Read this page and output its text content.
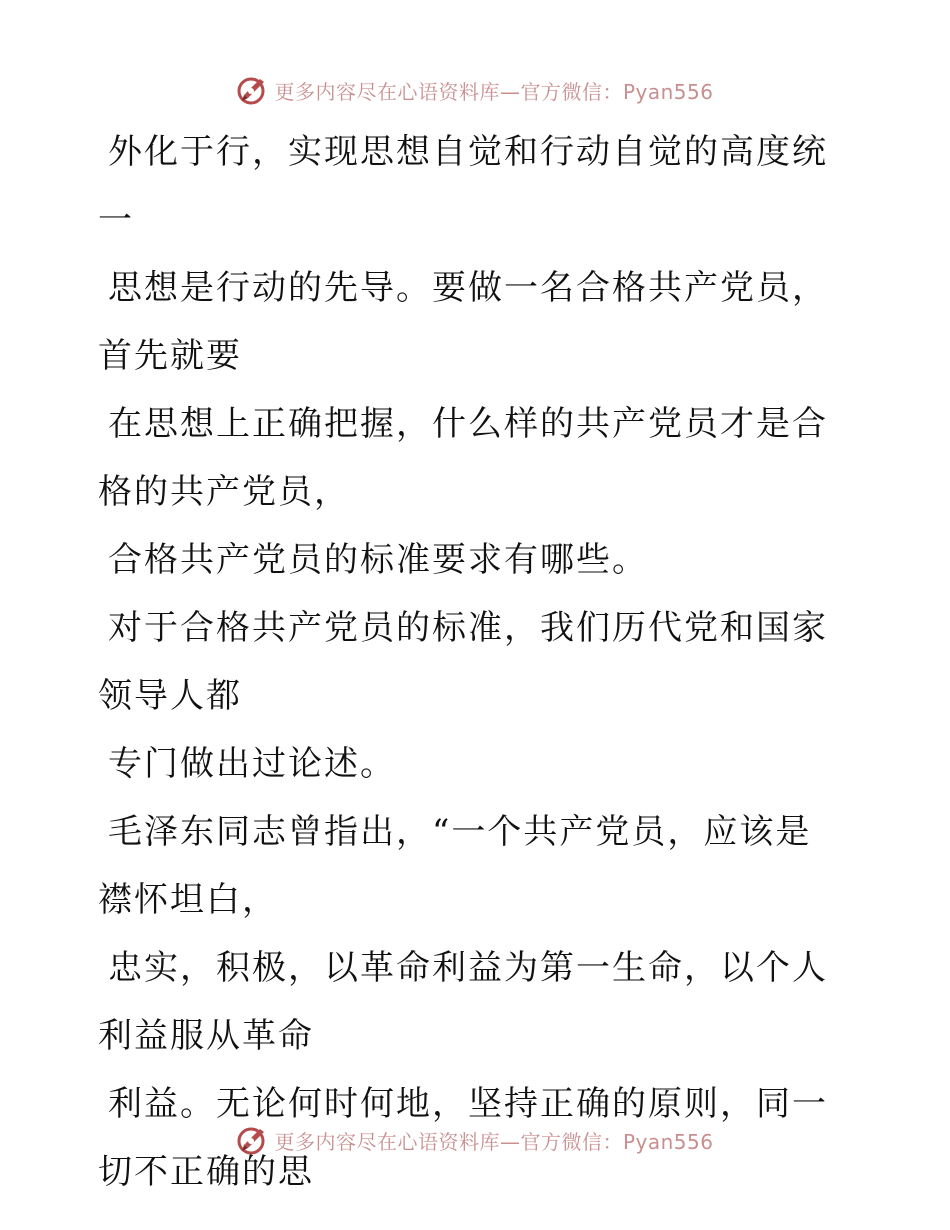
更多内容尽在心语资料库—官方微信：Pyan556

外化于行，实现思想自觉和行动自觉的高度统一

思想是行动的先导。要做一名合格共产党员，首先就要

在思想上正确把握，什么样的共产党员才是合格的共产党员，

合格共产党员的标准要求有哪些。

对于合格共产党员的标准，我们历代党和国家领导人都

专门做出过论述。

毛泽东同志曾指出，“一个共产党员，应该是襟怀坦白，

忠实，积极，以革命利益为第一生命，以个人利益服从革命

利益。无论何时何地，坚持正确的原则，同一切不正确的思

更多内容尽在心语资料库—官方微信：Pyan556
